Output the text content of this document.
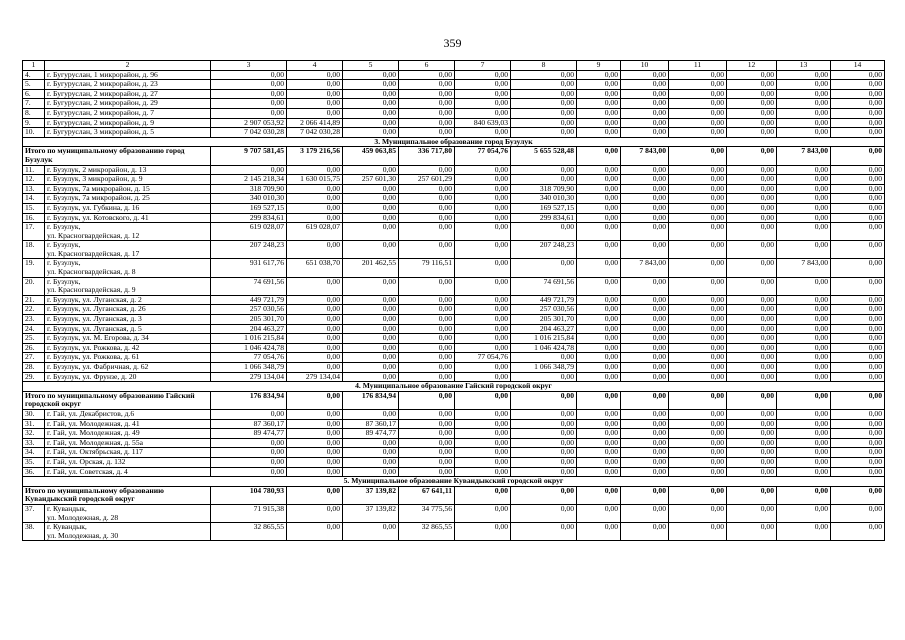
359
1	2	3	4	5	6	7	8	9	10	11	12	13	14
4.	г. Бугуруслан, 1 микрорайон, д. 96	0,00	0,00	0,00	0,00	0,00	0,00	0,00	0,00	0,00	0,00	0,00	0,00
5.	г. Бугуруслан, 2 микрорайон, д. 23	0,00	0,00	0,00	0,00	0,00	0,00	0,00	0,00	0,00	0,00	0,00	0,00
6.	г. Бугуруслан, 2 микрорайон, д. 27	0,00	0,00	0,00	0,00	0,00	0,00	0,00	0,00	0,00	0,00	0,00	0,00
7.	г. Бугуруслан, 2 микрорайон, д. 29	0,00	0,00	0,00	0,00	0,00	0,00	0,00	0,00	0,00	0,00	0,00	0,00
8.	г. Бугуруслан, 2 микрорайон, д. 7	0,00	0,00	0,00	0,00	0,00	0,00	0,00	0,00	0,00	0,00	0,00	0,00
9.	г. Бугуруслан, 2 микрорайон, д. 9	2 907 053,92	2 066 414,89	0,00	0,00	840 639,03	0,00	0,00	0,00	0,00	0,00	0,00	0,00
10.	г. Бугуруслан, 3 микрорайон, д. 5	7 042 030,28	7 042 030,28	0,00	0,00	0,00	0,00	0,00	0,00	0,00	0,00	0,00	0,00
3. Муниципальное образование город Бузулук													
Итого по муниципальному образованию город Бузулук		9 707 581,45	3 179 216,56	459 063,85	336 717,80	77 054,76	5 655 528,48	0,00	7 843,00	0,00	0,00	7 843,00	0,00
11.	г. Бузулук, 2 микрорайон, д. 13	0,00	0,00	0,00	0,00	0,00	0,00	0,00	0,00	0,00	0,00	0,00	0,00
12.	г. Бузулук, 3 микрорайон, д. 9	2 145 218,34	1 630 015,75	257 601,30	257 601,29	0,00	0,00	0,00	0,00	0,00	0,00	0,00	0,00
13.	г. Бузулук, 7а микрорайон, д. 15	318 709,90	0,00	0,00	0,00	0,00	318 709,90	0,00	0,00	0,00	0,00	0,00	0,00
14.	г. Бузулук, 7а микрорайон, д. 25	340 010,30	0,00	0,00	0,00	0,00	340 010,30	0,00	0,00	0,00	0,00	0,00	0,00
15.	г. Бузулук, ул. Губкина, д. 16	169 527,15	0,00	0,00	0,00	0,00	169 527,15	0,00	0,00	0,00	0,00	0,00	0,00
16.	г. Бузулук, ул. Котовского, д. 41	299 834,61	0,00	0,00	0,00	0,00	299 834,61	0,00	0,00	0,00	0,00	0,00	0,00
17.	г. Бузулук,
ул. Красногвардейская, д. 12	619 028,07	619 028,07	0,00	0,00	0,00	0,00	0,00	0,00	0,00	0,00	0,00	0,00
18.	г. Бузулук,
ул. Красногвардейская, д. 17	207 248,23	0,00	0,00	0,00	0,00	207 248,23	0,00	0,00	0,00	0,00	0,00	0,00
19.	г. Бузулук,
ул. Красногвардейская, д. 8	931 617,76	651 038,70	201 462,55	79 116,51	0,00	0,00	0,00	7 843,00	0,00	0,00	7 843,00	0,00
20.	г. Бузулук,
ул. Красногвардейская, д. 9	74 691,56	0,00	0,00	0,00	0,00	74 691,56	0,00	0,00	0,00	0,00	0,00	0,00
21.	г. Бузулук, ул. Луганская, д. 2	449 721,79	0,00	0,00	0,00	0,00	449 721,79	0,00	0,00	0,00	0,00	0,00	0,00
22.	г. Бузулук, ул. Луганская, д. 26	257 030,56	0,00	0,00	0,00	0,00	257 030,56	0,00	0,00	0,00	0,00	0,00	0,00
23.	г. Бузулук, ул. Луганская, д. 3	205 301,70	0,00	0,00	0,00	0,00	205 301,70	0,00	0,00	0,00	0,00	0,00	0,00
24.	г. Бузулук, ул. Луганская, д. 5	204 463,27	0,00	0,00	0,00	0,00	204 463,27	0,00	0,00	0,00	0,00	0,00	0,00
25.	г. Бузулук, ул. М. Егорова, д. 34	1 016 215,84	0,00	0,00	0,00	0,00	1 016 215,84	0,00	0,00	0,00	0,00	0,00	0,00
26.	г. Бузулук, ул. Рожкова, д. 42	1 046 424,78	0,00	0,00	0,00	0,00	1 046 424,78	0,00	0,00	0,00	0,00	0,00	0,00
27.	г. Бузулук, ул. Рожкова, д. 61	77 054,76	0,00	0,00	0,00	77 054,76	0,00	0,00	0,00	0,00	0,00	0,00	0,00
28.	г. Бузулук, ул. Фабричная, д. 62	1 066 348,79	0,00	0,00	0,00	0,00	1 066 348,79	0,00	0,00	0,00	0,00	0,00	0,00
29.	г. Бузулук, ул. Фрунзе, д. 20	279 134,04	279 134,04	0,00	0,00	0,00	0,00	0,00	0,00	0,00	0,00	0,00	0,00
4. Муниципальное образование Гайский городской округ													
Итого по муниципальному образованию Гайский городской округ		176 834,94	0,00	176 834,94	0,00	0,00	0,00	0,00	0,00	0,00	0,00	0,00	0,00
30.	г. Гай, ул. Декабристов, д.6	0,00	0,00	0,00	0,00	0,00	0,00	0,00	0,00	0,00	0,00	0,00	0,00
31.	г. Гай, ул. Молодежная, д. 41	87 360,17	0,00	87 360,17	0,00	0,00	0,00	0,00	0,00	0,00	0,00	0,00	0,00
32.	г. Гай, ул. Молодежная, д. 49	89 474,77	0,00	89 474,77	0,00	0,00	0,00	0,00	0,00	0,00	0,00	0,00	0,00
33.	г. Гай, ул. Молодежная, д. 55а	0,00	0,00	0,00	0,00	0,00	0,00	0,00	0,00	0,00	0,00	0,00	0,00
34.	г. Гай, ул. Октябрьская, д. 117	0,00	0,00	0,00	0,00	0,00	0,00	0,00	0,00	0,00	0,00	0,00	0,00
35.	г. Гай, ул. Орская, д. 132	0,00	0,00	0,00	0,00	0,00	0,00	0,00	0,00	0,00	0,00	0,00	0,00
36.	г. Гай, ул. Советская, д. 4	0,00	0,00	0,00	0,00	0,00	0,00	0,00	0,00	0,00	0,00	0,00	0,00
5. Муниципальное образование Кувандыкский городской округ													
Итого по муниципальному образованию Кувандыкский городской округ		104 780,93	0,00	37 139,82	67 641,11	0,00	0,00	0,00	0,00	0,00	0,00	0,00	0,00
37.	г. Кувандык,
ул. Молодежная, д. 28	71 915,38	0,00	37 139,82	34 775,56	0,00	0,00	0,00	0,00	0,00	0,00	0,00	0,00
38.	г. Кувандык,
ул. Молодежная, д. 30	32 865,55	0,00	0,00	32 865,55	0,00	0,00	0,00	0,00	0,00	0,00	0,00	0,00
